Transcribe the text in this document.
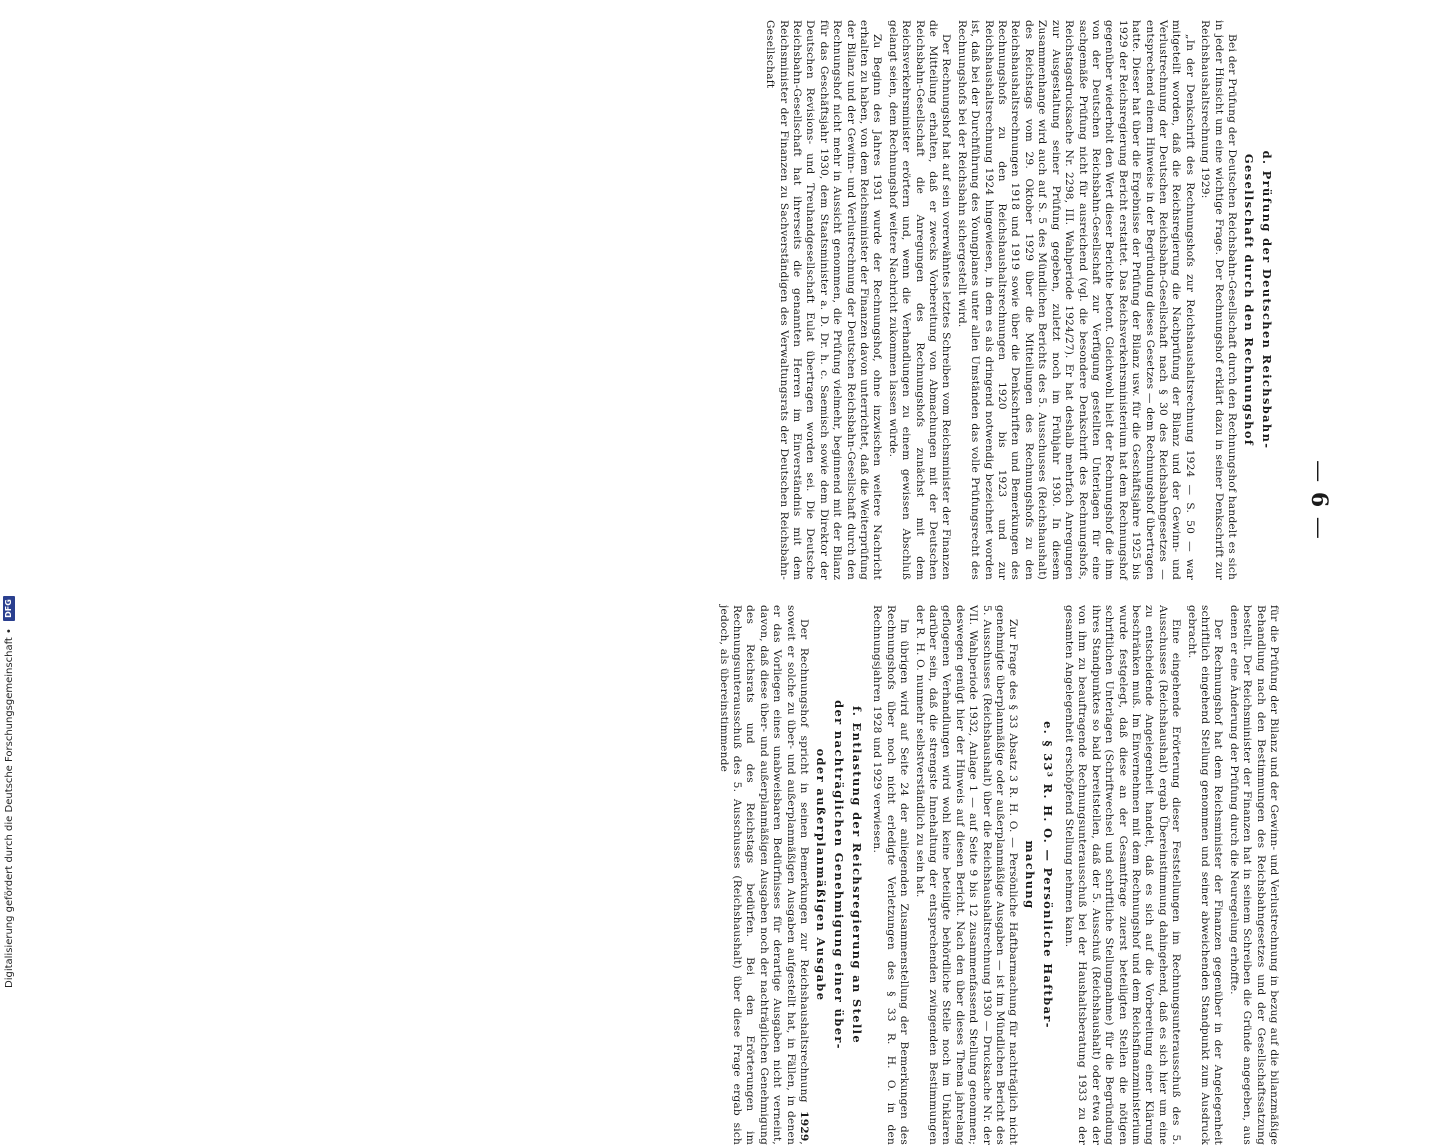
Digitalisierung gefördert durch die Deutsche Forschungsgemeinschaft • DFG
— 6 —
d. Prüfung der Deutschen Reichsbahn-
Gesellschaft durch den Rechnungshof

Bei der Prüfung der Deutschen Reichsbahn-Gesellschaft durch den Rechnungshof handelt es sich in jeder Hinsicht um eine wichtige Frage. Der Rechnungshof erklärt dazu in seiner Denkschrift zur Reichshaushaltsrechnung 1929:

„In der Denkschrift des Rechnungshofs zur Reichshaushaltsrechnung 1924 — S. 50 — war mitgeteilt worden, daß die Reichsregierung die Nachprüfung der Bilanz und der Gewinn- und Verlustrechnung der Deutschen Reichsbahn-Gesellschaft nach § 30 des Reichsbahngesetzes — entsprechend einem Hinweise in der Begründung dieses Gesetzes — dem Rechnungshof übertragen hatte. Dieser hat über die Ergebnisse der Prüfung der Bilanz usw. für die Geschäftsjahre 1925 bis 1929 der Reichsregierung Bericht erstattet. Das Reichsverkehrsministerium hat dem Rechnungshof gegenüber wiederholt den Wert dieser Berichte betont. Gleichwohl hielt der Rechnungshof die ihm von der Deutschen Reichsbahn-Gesellschaft zur Verfügung gestellten Unterlagen für eine sachgemäße Prüfung nicht für ausreichend (vgl. die besondere Denkschrift des Rechnungshofs, Reichstagsdrucksache Nr. 2298, III. Wahlperiode 1924/27). Er hat deshalb mehrfach Anregungen zur Ausgestaltung seiner Prüfung gegeben, zuletzt noch im Frühjahr 1930. In diesem Zusammenhange wird auch auf S. 5 des Mündlichen Berichts des 5. Ausschusses (Reichshaushalt) des Reichstags vom 29. Oktober 1929 über die Mitteilungen des Rechnungshofs zu den Reichshaushaltsrechnungen 1918 und 1919 sowie über die Denkschriften und Bemerkungen des Rechnungshofs zu den Reichshaushaltsrechnungen 1920 bis 1923 und zur Reichshaushaltsrechnung 1924 hingewiesen, in dem es als dringend notwendig bezeichnet worden ist, daß bei der Durchführung des Youngplanes unter allen Umständen das volle Prüfungsrecht des Rechnungshofs bei der Reichsbahn sichergestellt wird.

Der Rechnungshof hat auf sein vorerwähntes letztes Schreiben vom Reichsminister der Finanzen die Mitteilung erhalten, daß er zwecks Vorbereitung von Abmachungen mit der Deutschen Reichsbahn-Gesellschaft die Anregungen des Rechnungshofs zunächst mit dem Reichsverkehrsminister erörtern und, wenn die Verhandlungen zu einem gewissen Abschluß gelangt seien, dem Rechnungshof weitere Nachricht zukommen lassen würde.

Zu Beginn des Jahres 1931 wurde der Rechnungshof, ohne inzwischen weitere Nachricht erhalten zu haben, von dem Reichsminister der Finanzen davon unterrichtet, daß die Weiterprüfung der Bilanz und der Gewinn- und Verlustrechnung der Deutschen Reichsbahn-Gesellschaft durch den Rechnungshof nicht mehr in Aussicht genommen, die Prüfung vielmehr, beginnend mit der Bilanz für das Geschäftsjahr 1930, dem Staatsminister a. D. Dr. h. c. Saemisch sowie dem Direktor der Deutschen Revisions- und Treuhandgesellschaft Eulat übertragen worden sei. Die Deutsche Reichsbahn-Gesellschaft hat ihrerseits die genannten Herren im Einverständnis mit dem Reichsminister der Finanzen zu Sachverständigen des Verwaltungsrats der Deutschen Reichsbahn-Gesellschaft

für die Prüfung der Bilanz und der Gewinn- und Verlustrechnung in bezug auf die bilanzmäßige Behandlung nach den Bestimmungen des Reichsbahngesetzes und der Gesellschaftssatzung bestellt. Der Reichsminister der Finanzen hat in seinem Schreiben die Gründe angegeben, aus denen er eine Änderung der Prüfung durch die Neuregelung erhoffte.

Der Rechnungshof hat dem Reichsminister der Finanzen gegenüber in der Angelegenheit schriftlich eingehend Stellung genommen und seiner abweichenden Standpunkt zum Ausdruck gebracht.

Eine eingehende Erörterung dieser Feststellungen im Rechnungsunterausschuß des 5. Ausschusses (Reichshaushalt) ergab Übereinstimmung dahingehend, daß es sich hier um eine zu entscheidende Angelegenheit handelt, daß es sich auf die Vorbereitung einer Klärung beschränken muß. Im Einvernehmen mit dem Rechnungshof und dem Reichsfinanzministerium wurde festgelegt, daß diese an der Gesamtfrage zuerst beteiligten Stellen die nötigen schriftlichen Unterlagen (Schriftwechsel und schriftliche Stellungnahme) für die Begründung ihres Standpunktes so bald bereitstellen, daß der 5. Ausschuß (Reichshaushalt) oder etwa der von ihm zu beauftragende Rechnungsunterausschuß bei der Haushaltsberatung 1933 zu der gesamten Angelegenheit erschöpfend Stellung nehmen kann.

e. § 33³ R. H. O. — Persönliche Haftbar-
machung

Zur Frage des § 33 Absatz 3 R. H. O. — Persönliche Haftbarmachung für nachträglich nicht genehmigte überplanmäßige oder außerplanmäßige Ausgaben — ist im Mündlichen Bericht des 5. Ausschusses (Reichshaushalt) über die Reichshaushaltsrechnung 1930 — Drucksache Nr. der VII. Wahlperiode 1932, Anlage 1 — auf Seite 9 bis 12 zusammenfassend Stellung genommen; deswegen genügt hier der Hinweis auf diesen Bericht. Nach den über dieses Thema jahrelang geflogenen Verhandlungen wird wohl keine beteiligte behördliche Stelle noch im Unklaren darüber sein, daß die strengste Innehaltung der entsprechenden zwingenden Bestimmungen der R. H. O. nunmehr selbstverständlich zu sein hat.

Im übrigen wird auf Seite 24 der anliegenden Zusammenstellung der Bemerkungen des Rechnungshofs über noch nicht erledigte Verletzungen des § 33 R. H. O. in den Rechnungsjahren 1928 und 1929 verwiesen.

f. Entlastung der Reichsregierung an Stelle
der nachträglichen Genehmigung einer über-
oder außerplanmäßigen Ausgabe

Der Rechnungshof spricht in seinen Bemerkungen zur Reichshaushaltsrechnung 1929, soweit er solche zu über- und außerplanmäßigen Ausgaben aufgestellt hat, in Fällen, in denen er das Vorliegen eines unabweisbaren Bedürfnisses für derartige Ausgaben nicht verneint, davon, daß diese über- und außerplanmäßigen Ausgaben noch der nachträglichen Genehmigung des Reichsrats und des Reichstags bedürfen. Bei den Erörterungen im Rechnungsunterausschuß des 5. Ausschusses (Reichshaushalt) über diese Frage ergab sich jedoch, als übereinstimmende
